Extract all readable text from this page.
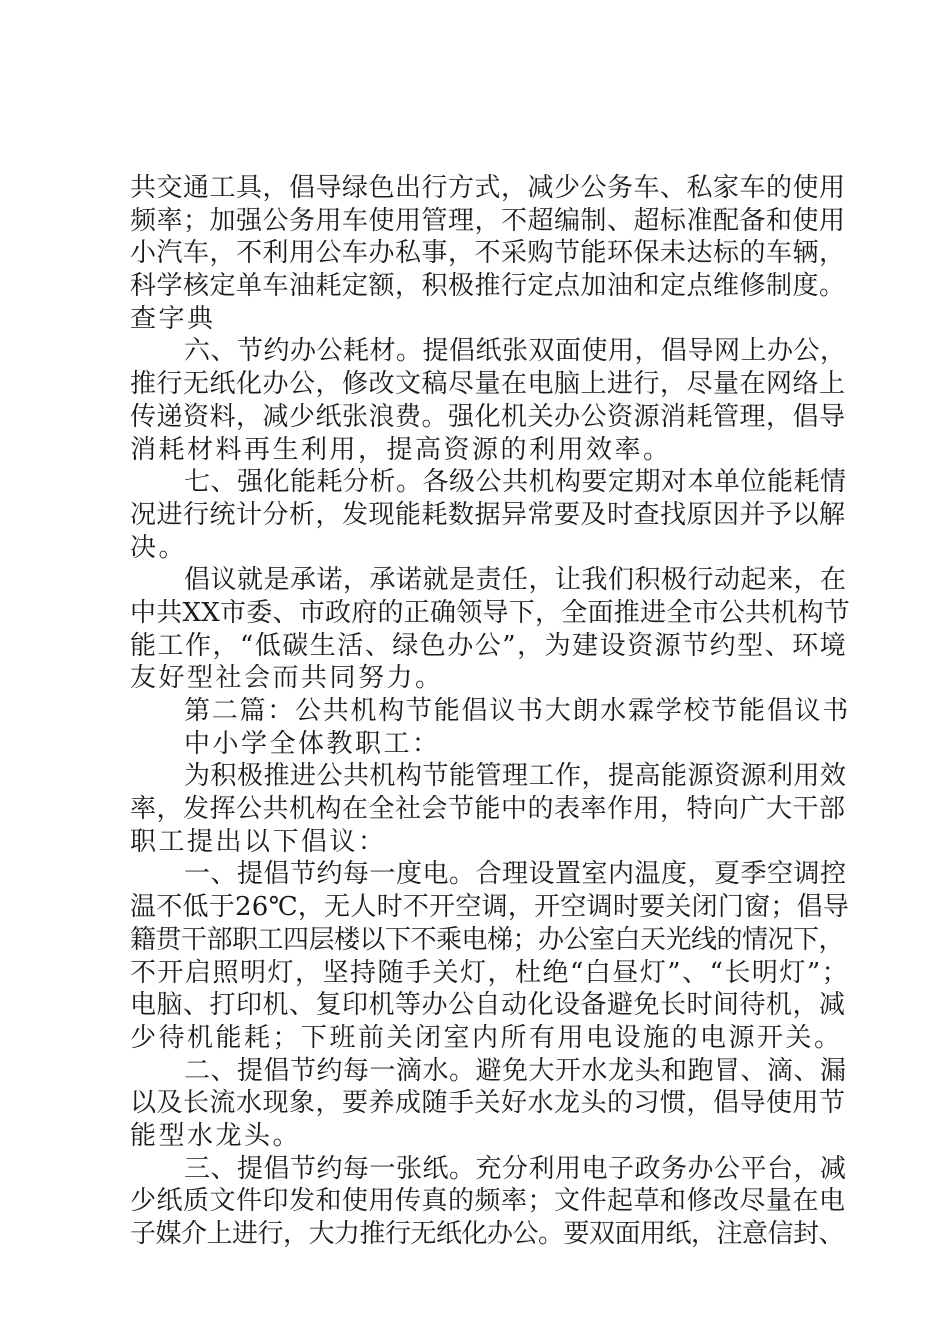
共交通工具，倡导绿色出行方式，减少公务车、私家车的使用
频率；加强公务用车使用管理，不超编制、超标准配备和使用
小汽车，不利用公车办私事，不采购节能环保未达标的车辆，
科学核定单车油耗定额，积极推行定点加油和定点维修制度。
查字典
六、节约办公耗材。提倡纸张双面使用，倡导网上办公，
推行无纸化办公，修改文稿尽量在电脑上进行，尽量在网络上
传递资料，减少纸张浪费。强化机关办公资源消耗管理，倡导
消耗材料再生利用，提高资源的利用效率。
七、强化能耗分析。各级公共机构要定期对本单位能耗情
况进行统计分析，发现能耗数据异常要及时查找原因并予以解
决。
倡议就是承诺，承诺就是责任，让我们积极行动起来，在
中共XX市委、市政府的正确领导下，全面推进全市公共机构节
能工作，“低碳生活、绿色办公”，为建设资源节约型、环境
友好型社会而共同努力。
第二篇：公共机构节能倡议书大朗水霖学校节能倡议书
中小学全体教职工：
为积极推进公共机构节能管理工作，提高能源资源利用效
率，发挥公共机构在全社会节能中的表率作用，特向广大干部
职工提出以下倡议：
一、提倡节约每一度电。合理设置室内温度，夏季空调控
温不低于26℃，无人时不开空调，开空调时要关闭门窗；倡导
籍贯干部职工四层楼以下不乘电梯；办公室白天光线的情况下，
不开启照明灯，坚持随手关灯，杜绝“白昼灯”、“长明灯”；
电脑、打印机、复印机等办公自动化设备避免长时间待机，减
少待机能耗；下班前关闭室内所有用电设施的电源开关。
二、提倡节约每一滴水。避免大开水龙头和跑冒、滴、漏
以及长流水现象，要养成随手关好水龙头的习惯，倡导使用节
能型水龙头。
三、提倡节约每一张纸。充分利用电子政务办公平台，减
少纸质文件印发和使用传真的频率；文件起草和修改尽量在电
子媒介上进行，大力推行无纸化办公。要双面用纸，注意信封、
